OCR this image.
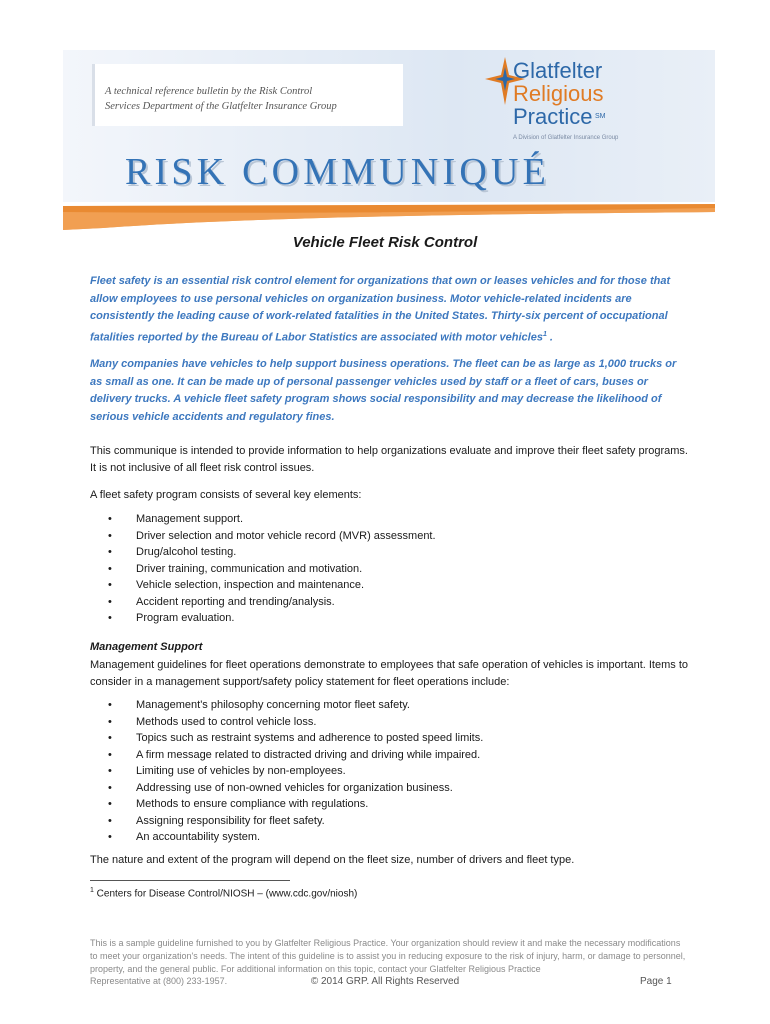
A technical reference bulletin by the Risk Control
Services Department of the Glatfelter Insurance Group
Glatfelter
Religious
Practice SM
A Division of Glatfelter Insurance Group
RISK COMMUNIQUÉ
Vehicle Fleet Risk Control
Fleet safety is an essential risk control element for organizations that own or leases vehicles and for those that allow employees to use personal vehicles on organization business. Motor vehicle-related incidents are consistently the leading cause of work-related fatalities in the United States. Thirty-six percent of occupational fatalities reported by the Bureau of Labor Statistics are associated with motor vehicles$^1$ .
Many companies have vehicles to help support business operations. The fleet can be as large as 1,000 trucks or as small as one. It can be made up of personal passenger vehicles used by staff or a fleet of cars, buses or delivery trucks. A vehicle fleet safety program shows social responsibility and may decrease the likelihood of serious vehicle accidents and regulatory fines.
This communique is intended to provide information to help organizations evaluate and improve their fleet safety programs. It is not inclusive of all fleet risk control issues.
A fleet safety program consists of several key elements:
• Management support.
• Driver selection and motor vehicle record (MVR) assessment.
• Drug/alcohol testing.
• Driver training, communication and motivation.
• Vehicle selection, inspection and maintenance.
• Accident reporting and trending/analysis.
• Program evaluation.
Management Support
Management guidelines for fleet operations demonstrate to employees that safe operation of vehicles is important. Items to consider in a management support/safety policy statement for fleet operations include:
• Management's philosophy concerning motor fleet safety.
• Methods used to control vehicle loss.
• Topics such as restraint systems and adherence to posted speed limits.
• A firm message related to distracted driving and driving while impaired.
• Limiting use of vehicles by non-employees.
• Addressing use of non-owned vehicles for organization business.
• Methods to ensure compliance with regulations.
• Assigning responsibility for fleet safety.
• An accountability system.
The nature and extent of the program will depend on the fleet size, number of drivers and fleet type.
$^1$ Centers for Disease Control/NIOSH – (www.cdc.gov/niosh)
This is a sample guideline furnished to you by Glatfelter Religious Practice. Your organization should review it and make the necessary modifications to meet your organization's needs. The intent of this guideline is to assist you in reducing exposure to the risk of injury, harm, or damage to personnel, property, and the general public. For additional information on this topic, contact your Glatfelter Religious Practice
Representative at (800) 233-1957.	© 2014 GRP. All Rights Reserved	Page 1
